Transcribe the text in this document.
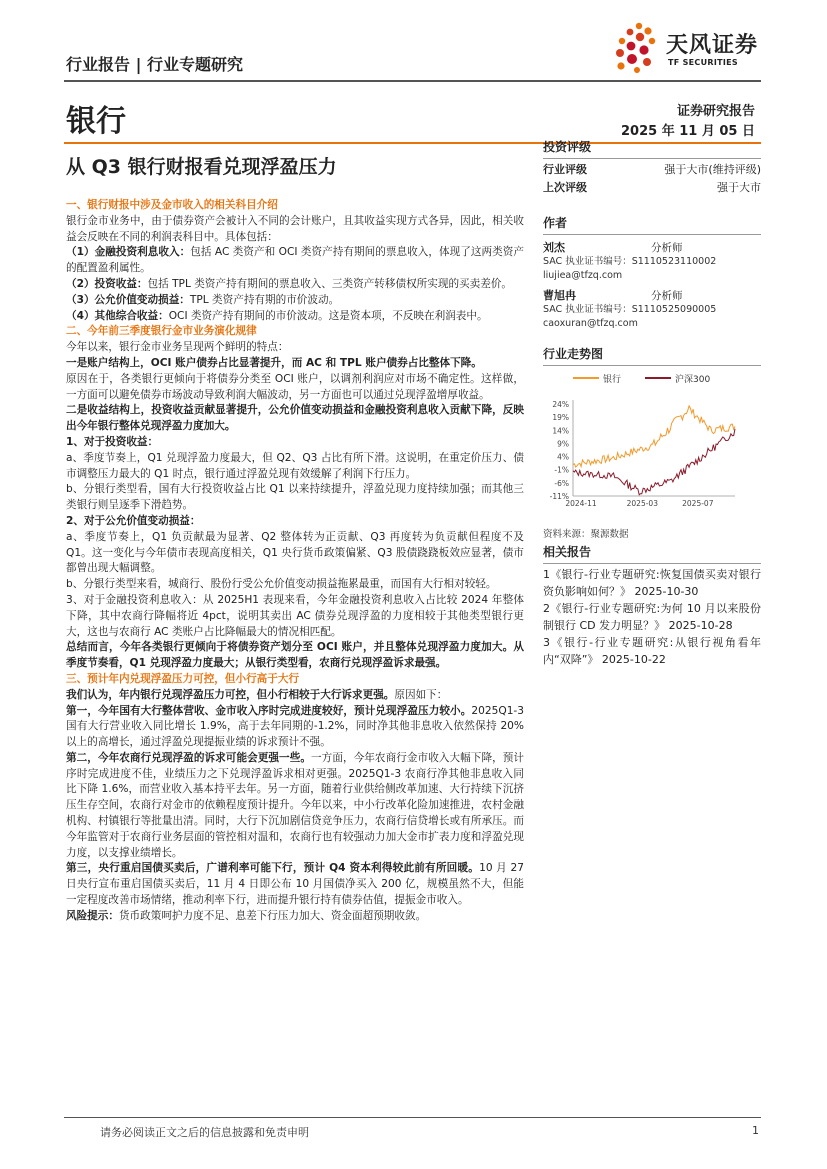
行业报告 | 行业专题研究
天风证券
TF SECURITIES
银行	证券研究报告
2025 年 11 月 05 日
从 Q3 银行财报看兑现浮盈压力

一、银行财报中涉及金市收入的相关科目介绍

银行金市业务中，由于债券资产会被计入不同的会计账户，且其收益实现方式各异，因此，相关收益会反映在不同的利润表科目中。具体包括：

（1）金融投资利息收入：包括 AC 类资产和 OCI 类资产持有期间的票息收入，体现了这两类资产的配置盈利属性。

（2）投资收益：包括 TPL 类资产持有期间的票息收入、三类资产转移债权所实现的买卖差价。

（3）公允价值变动损益：TPL 类资产持有期的市价波动。

（4）其他综合收益：OCI 类资产持有期间的市价波动。这是资本项，不反映在利润表中。

二、今年前三季度银行金市业务演化规律

今年以来，银行金市业务呈现两个鲜明的特点：

一是账户结构上，OCI 账户债券占比显著提升，而 AC 和 TPL 账户债券占比整体下降。

原因在于，各类银行更倾向于将债券分类至 OCI 账户，以调剂利润应对市场不确定性。这样做，一方面可以避免债券市场波动导致利润大幅波动，另一方面也可以通过兑现浮盈增厚收益。

二是收益结构上，投资收益贡献显著提升，公允价值变动损益和金融投资利息收入贡献下降，反映出今年银行整体兑现浮盈力度加大。

1、对于投资收益：

a、季度节奏上，Q1 兑现浮盈力度最大，但 Q2、Q3 占比有所下滑。这说明，在重定价压力、债市调整压力最大的 Q1 时点，银行通过浮盈兑现有效缓解了利润下行压力。

b、分银行类型看，国有大行投资收益占比 Q1 以来持续提升，浮盈兑现力度持续加强；而其他三类银行则呈逐季下滑趋势。

2、对于公允价值变动损益：

a、季度节奏上，Q1 负贡献最为显著、Q2 整体转为正贡献、Q3 再度转为负贡献但程度不及 Q1。这一变化与今年债市表现高度相关，Q1 央行货币政策偏紧、Q3 股债跷跷板效应显著，债市都曾出现大幅调整。

b、分银行类型来看，城商行、股份行受公允价值变动损益拖累最重，而国有大行相对较轻。

3、对于金融投资利息收入：从 2025H1 表现来看，今年金融投资利息收入占比较 2024 年整体下降，其中农商行降幅将近 4pct，说明其卖出 AC 债券兑现浮盈的力度相较于其他类型银行更大，这也与农商行 AC 类账户占比降幅最大的情况相匹配。

总结而言，今年各类银行更倾向于将债券资产划分至 OCI 账户，并且整体兑现浮盈力度加大。从季度节奏看，Q1 兑现浮盈力度最大；从银行类型看，农商行兑现浮盈诉求最强。

三、预计年内兑现浮盈压力可控，但小行高于大行

我们认为，年内银行兑现浮盈压力可控，但小行相较于大行诉求更强。原因如下：

第一，今年国有大行整体营收、金市收入序时完成进度较好，预计兑现浮盈压力较小。2025Q1-3 国有大行营业收入同比增长 1.9%，高于去年同期的-1.2%，同时净其他非息收入依然保持 20%以上的高增长，通过浮盈兑现提振业绩的诉求预计不强。

第二，今年农商行兑现浮盈的诉求可能会更强一些。一方面，今年农商行金市收入大幅下降，预计序时完成进度不佳，业绩压力之下兑现浮盈诉求相对更强。2025Q1-3 农商行净其他非息收入同比下降 1.6%，而营业收入基本持平去年。另一方面，随着行业供给侧改革加速、大行持续下沉挤压生存空间，农商行对金市的依赖程度预计提升。今年以来，中小行改革化险加速推进，农村金融机构、村镇银行等批量出清。同时，大行下沉加剧信贷竞争压力，农商行信贷增长或有所承压。而今年监管对于农商行业务层面的管控相对温和，农商行也有较强动力加大金市扩表力度和浮盈兑现力度，以支撑业绩增长。

第三，央行重启国债买卖后，广谱利率可能下行，预计 Q4 资本利得较此前有所回暖。10 月 27 日央行宣布重启国债买卖后，11 月 4 日即公布 10 月国债净买入 200 亿，规模虽然不大，但能一定程度改善市场情绪，推动利率下行，进而提升银行持有债券估值，提振金市收入。

风险提示：货币政策呵护力度不足、息差下行压力加大、资金面超预期收敛。

投资评级
行业评级	强于大市(维持评级)
上次评级	强于大市
作者
刘杰	分析师
SAC 执业证书编号：S1110523110002
liujiea@tfzq.com
曹旭冉	分析师
SAC 执业证书编号：S1110525090005
caoxuran@tfzq.com
行业走势图
银行	沪深300
24%
19%
14%
9%
4%
-1%
-6%
-11%
2024-11	2025-03	2025-07
资料来源：聚源数据
相关报告
1《银行-行业专题研究:恢复国债买卖对银行资负影响如何？》 2025-10-30
2《银行-行业专题研究:为何 10 月以来股份制银行 CD 发力明显？》 2025-10-28
3《银行-行业专题研究:从银行视角看年内“双降”》 2025-10-22
请务必阅读正文之后的信息披露和免责申明	1
